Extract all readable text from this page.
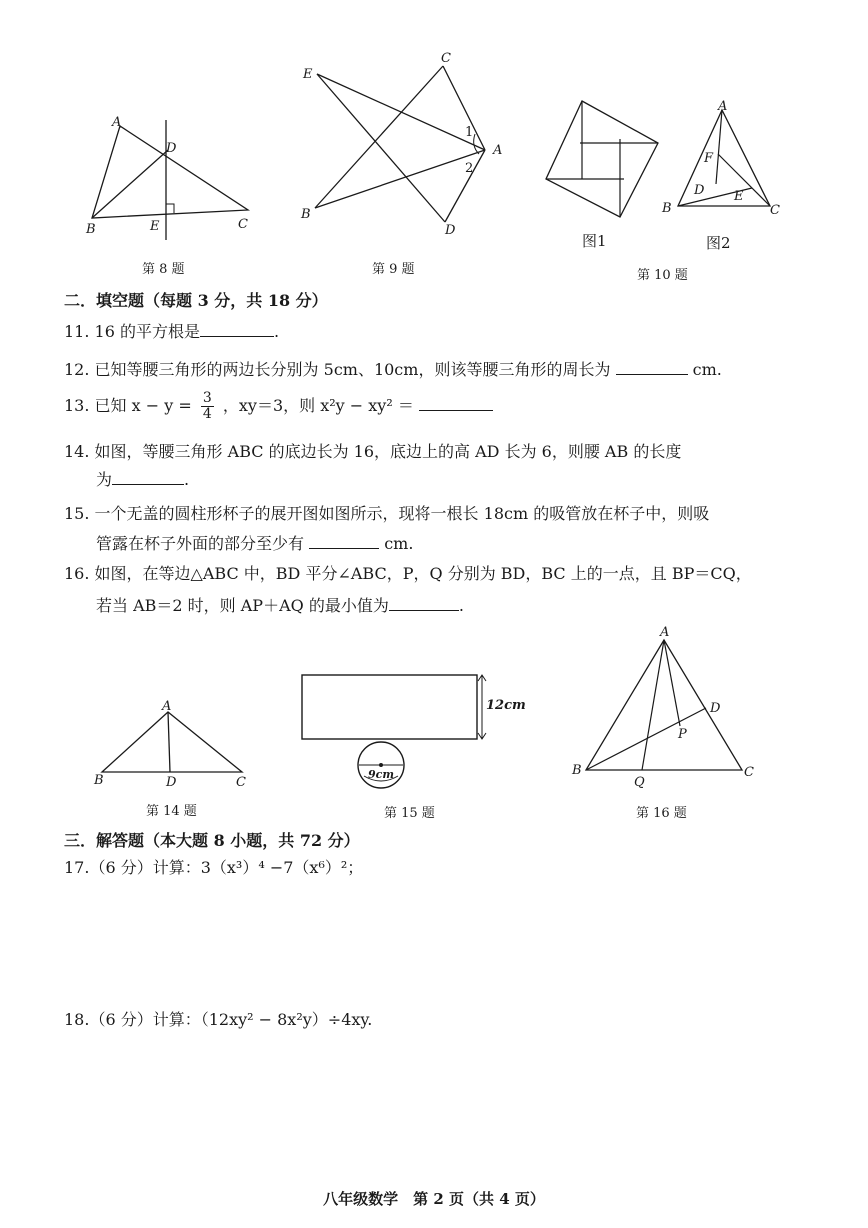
A
D
B	E	C
第 8 题
E
C
A
1
2
B
D
第 9 题
图1
A
F
D E
B	C
图2
第 10 题
二．填空题（每题 3 分，共 18 分）
11. 16 的平方根是	.
12. 已知等腰三角形的两边长分别为 5cm、10cm，则该等腰三角形的周长为	cm.
13. 已知 $x - y = \frac{3}{4}$ ，xy＝3，则 x²y − xy² ＝
14. 如图，等腰三角形 ABC 的底边长为 16，底边上的高 AD 长为 6，则腰 AB 的长度
为	.
15. 一个无盖的圆柱形杯子的展开图如图所示，现将一根长 18cm 的吸管放在杯子中，则吸
管露在杯子外面的部分至少有	cm.
16. 如图，在等边△ABC 中，BD 平分∠ABC，P，Q 分别为 BD，BC 上的一点，且 BP＝CQ，
若当 AB＝2 时，则 AP＋AQ 的最小值为	.
A
B	D	C
第 14 题
12cm
9cm
第 15 题
A
D
P
B
Q
C
第 16 题
三．解答题（本大题 8 小题，共 72 分）
17.（6 分）计算：3（x³）⁴ −7（x⁶）²；
18.（6 分）计算：（12xy² − 8x²y）÷4xy.
八年级数学　第 2 页（共 4 页）
